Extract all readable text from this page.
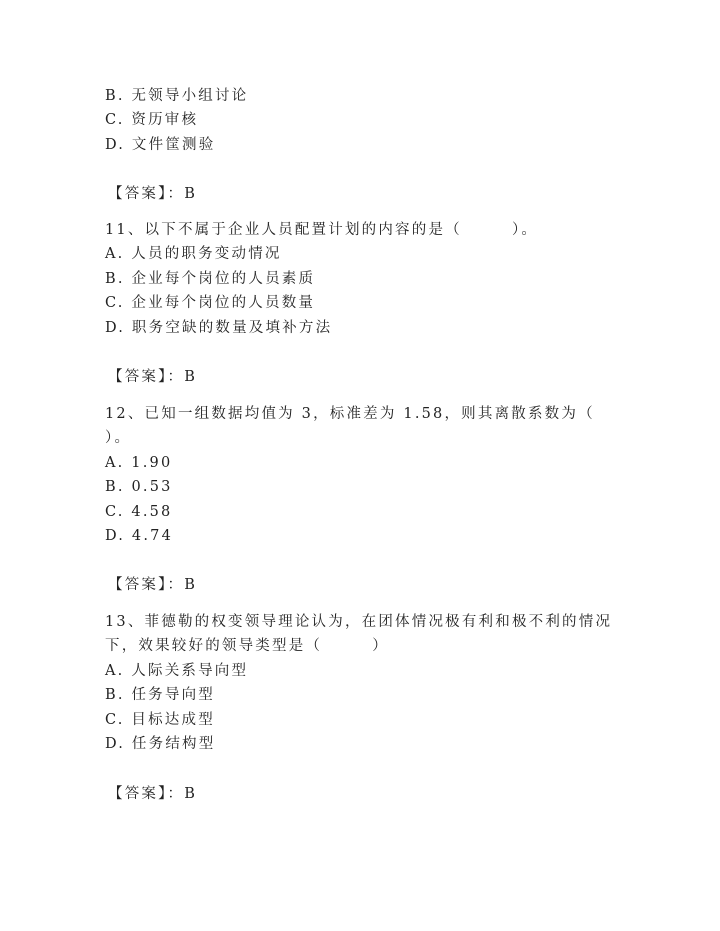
B. 无领导小组讨论
C. 资历审核
D. 文件筐测验
【答案】：B
11、以下不属于企业人员配置计划的内容的是（　　　）。
A. 人员的职务变动情况
B. 企业每个岗位的人员素质
C. 企业每个岗位的人员数量
D. 职务空缺的数量及填补方法
【答案】：B
12、已知一组数据均值为 3，标准差为 1.58，则其离散系数为（
）。
A. 1.90
B. 0.53
C. 4.58
D. 4.74
【答案】：B
13、菲德勒的权变领导理论认为，在团体情况极有利和极不利的情况
下，效果较好的领导类型是（　　　）
A. 人际关系导向型
B. 任务导向型
C. 目标达成型
D. 任务结构型
【答案】：B
